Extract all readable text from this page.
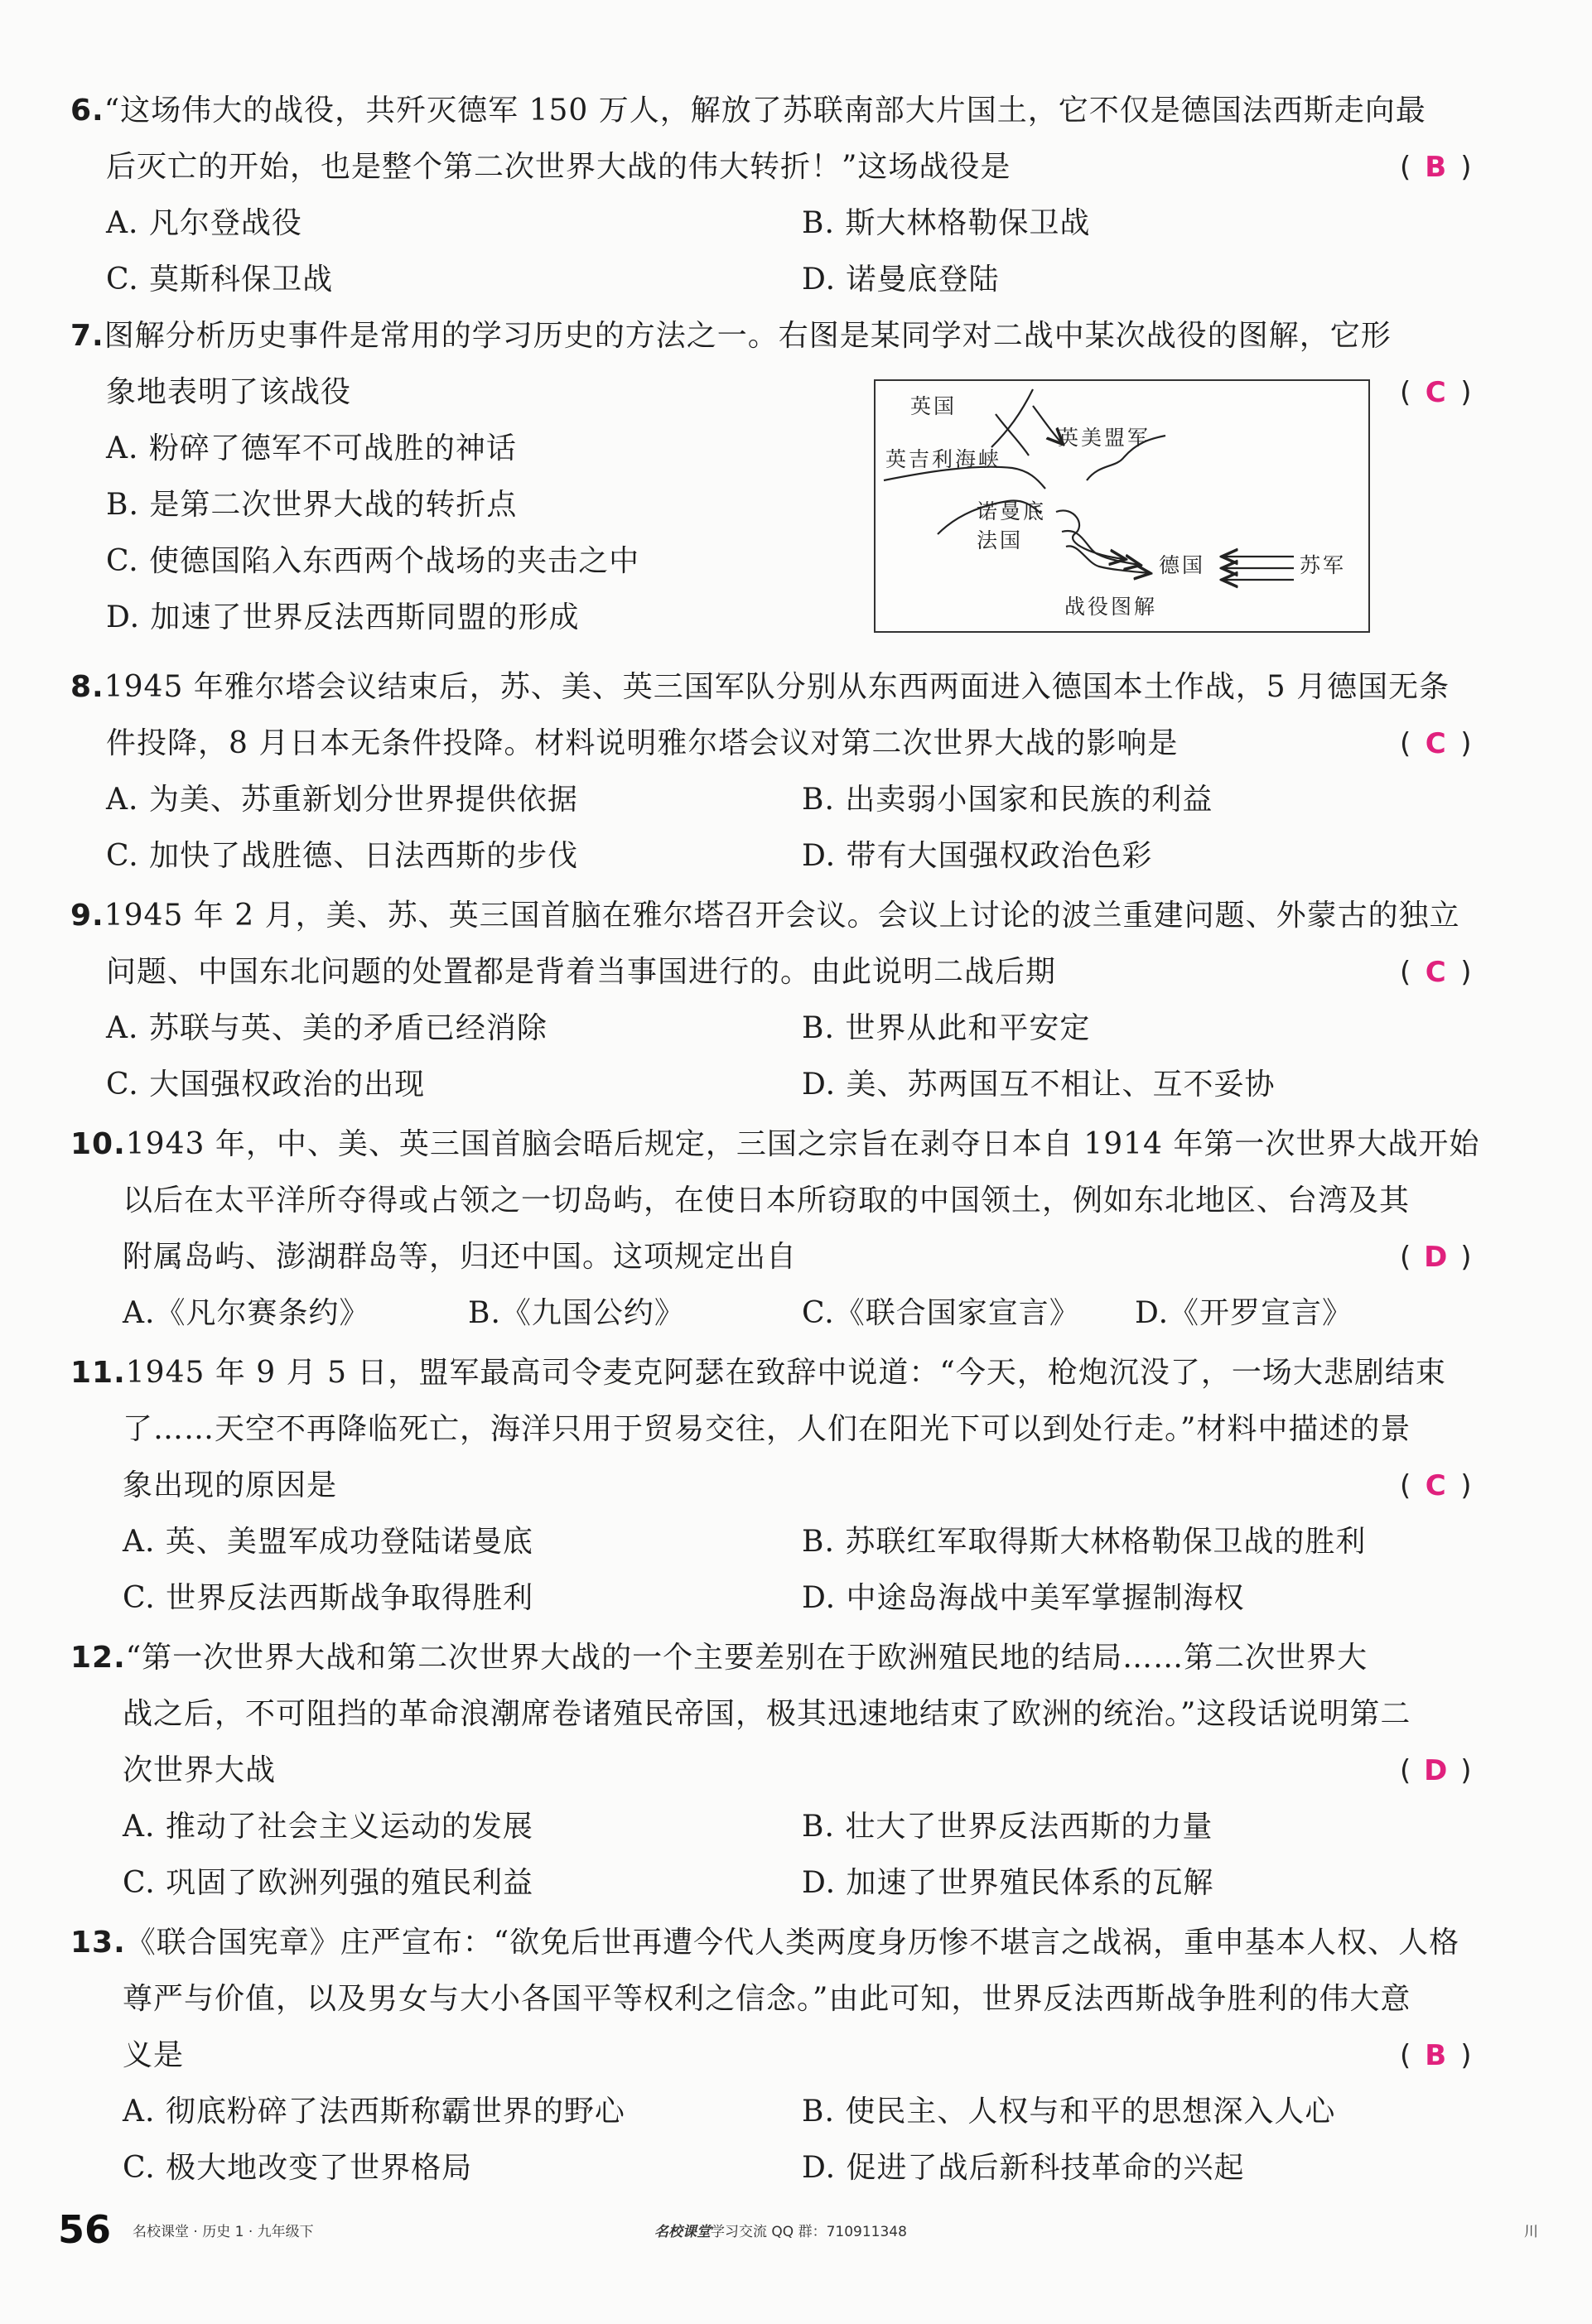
6.“这场伟大的战役，共歼灭德军 150 万人，解放了苏联南部大片国土，它不仅是德国法西斯走向最
后灭亡的开始，也是整个第二次世界大战的伟大转折！”这场战役是	( B )
A. 凡尔登战役	B. 斯大林格勒保卫战
C. 莫斯科保卫战	D. 诺曼底登陆
7.图解分析历史事件是常用的学习历史的方法之一。右图是某同学对二战中某次战役的图解，它形
象地表明了该战役	( C )
A. 粉碎了德军不可战胜的神话
B. 是第二次世界大战的转折点
C. 使德国陷入东西两个战场的夹击之中
D. 加速了世界反法西斯同盟的形成
英国
英吉利海峡
英美盟军
诺曼底
法国
德国	苏军
战役图解
8.1945 年雅尔塔会议结束后，苏、美、英三国军队分别从东西两面进入德国本土作战，5 月德国无条
件投降，8 月日本无条件投降。材料说明雅尔塔会议对第二次世界大战的影响是	( C )
A. 为美、苏重新划分世界提供依据	B. 出卖弱小国家和民族的利益
C. 加快了战胜德、日法西斯的步伐	D. 带有大国强权政治色彩
9.1945 年 2 月，美、苏、英三国首脑在雅尔塔召开会议。会议上讨论的波兰重建问题、外蒙古的独立
问题、中国东北问题的处置都是背着当事国进行的。由此说明二战后期	( C )
A. 苏联与英、美的矛盾已经消除	B. 世界从此和平安定
C. 大国强权政治的出现	D. 美、苏两国互不相让、互不妥协
10.1943 年，中、美、英三国首脑会晤后规定，三国之宗旨在剥夺日本自 1914 年第一次世界大战开始
以后在太平洋所夺得或占领之一切岛屿，在使日本所窃取的中国领土，例如东北地区、台湾及其
附属岛屿、澎湖群岛等，归还中国。这项规定出自	( D )
A.《凡尔赛条约》	B.《九国公约》	C.《联合国家宣言》 D.《开罗宣言》
11.1945 年 9 月 5 日，盟军最高司令麦克阿瑟在致辞中说道：“今天，枪炮沉没了，一场大悲剧结束
了……天空不再降临死亡，海洋只用于贸易交往，人们在阳光下可以到处行走。”材料中描述的景
象出现的原因是	( C )
A. 英、美盟军成功登陆诺曼底	B. 苏联红军取得斯大林格勒保卫战的胜利
C. 世界反法西斯战争取得胜利	D. 中途岛海战中美军掌握制海权
12.“第一次世界大战和第二次世界大战的一个主要差别在于欧洲殖民地的结局……第二次世界大
战之后，不可阻挡的革命浪潮席卷诸殖民帝国，极其迅速地结束了欧洲的统治。”这段话说明第二
次世界大战	( D )
A. 推动了社会主义运动的发展	B. 壮大了世界反法西斯的力量
C. 巩固了欧洲列强的殖民利益	D. 加速了世界殖民体系的瓦解
13.《联合国宪章》庄严宣布：“欲免后世再遭今代人类两度身历惨不堪言之战祸，重申基本人权、人格
尊严与价值，以及男女与大小各国平等权利之信念。”由此可知，世界反法西斯战争胜利的伟大意
义是	( B )
A. 彻底粉碎了法西斯称霸世界的野心	B. 使民主、人权与和平的思想深入人心
C. 极大地改变了世界格局	D. 促进了战后新科技革命的兴起
56 名校课堂 · 历史 1 · 九年级下	名校课堂学习交流 QQ 群：710911348	川
